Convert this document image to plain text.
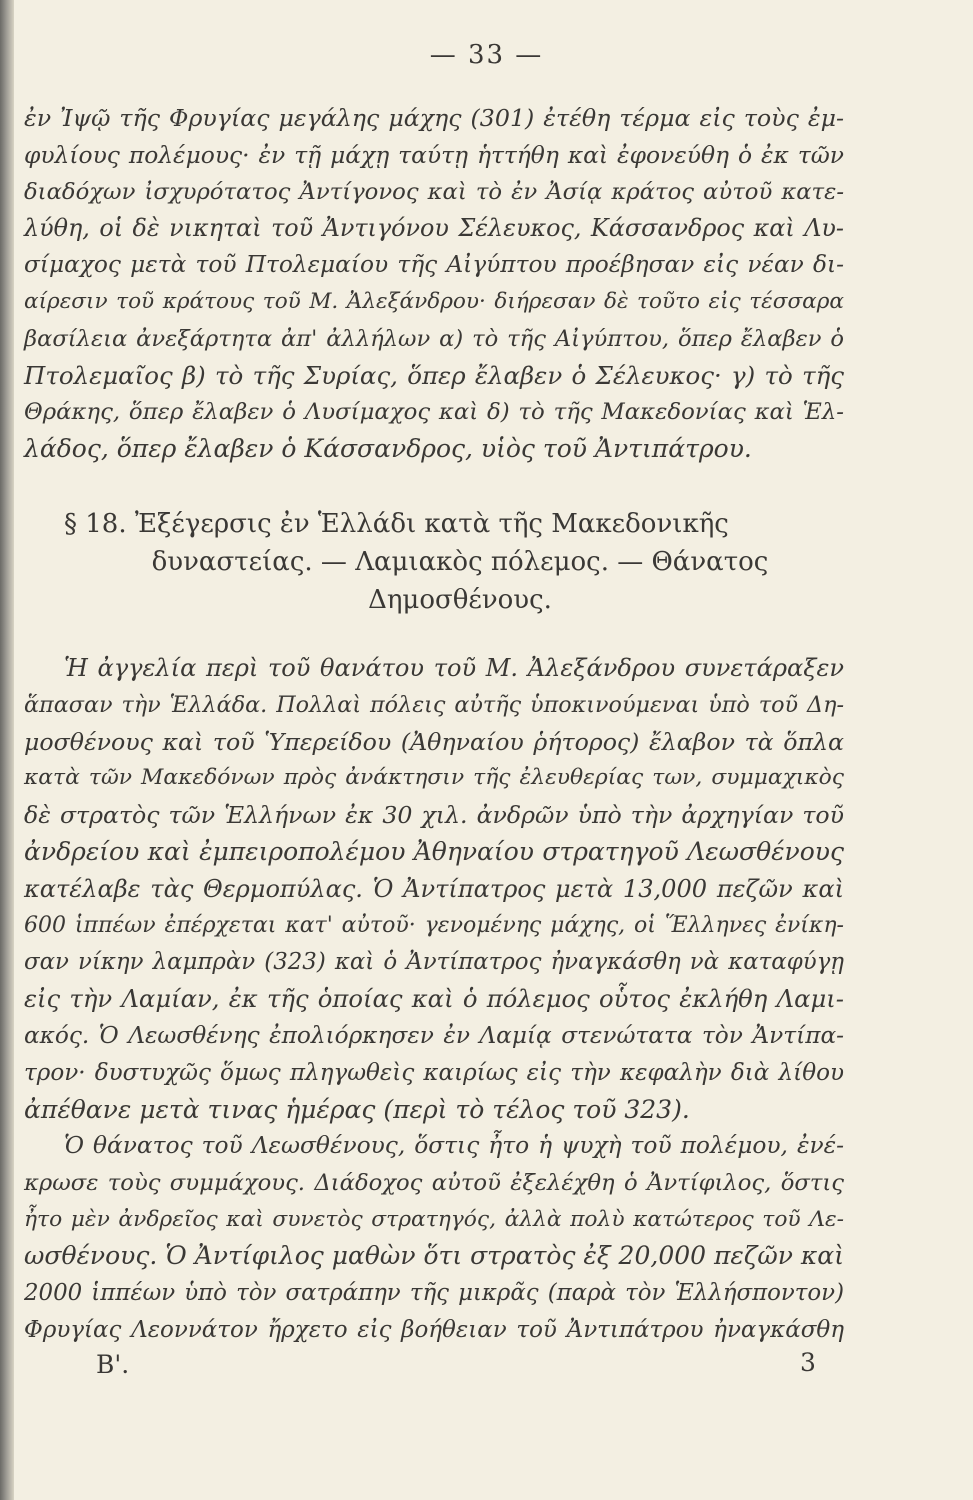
— 33 —
ἐν Ἰψῷ τῆς Φρυγίας μεγάλης μάχης (301) ἐτέθη τέρμα εἰς τοὺς ἐμ-
φυλίους πολέμους· ἐν τῇ μάχῃ ταύτῃ ἡττήθη καὶ ἐφονεύθη ὁ ἐκ τῶν
διαδόχων ἰσχυρότατος Ἀντίγονος καὶ τὸ ἐν Ἀσίᾳ κράτος αὐτοῦ κατε-
λύθη, οἱ δὲ νικηταὶ τοῦ Ἀντιγόνου Σέλευκος, Κάσσανδρος καὶ Λυ-
σίμαχος μετὰ τοῦ Πτολεμαίου τῆς Αἰγύπτου προέβησαν εἰς νέαν δι-
αίρεσιν τοῦ κράτους τοῦ Μ. Ἀλεξάνδρου· διήρεσαν δὲ τοῦτο εἰς τέσσαρα
βασίλεια ἀνεξάρτητα ἀπ' ἀλλήλων α) τὸ τῆς Αἰγύπτου, ὅπερ ἔλαβεν ὁ
Πτολεμαῖος β) τὸ τῆς Συρίας, ὅπερ ἔλαβεν ὁ Σέλευκος· γ) τὸ τῆς
Θράκης, ὅπερ ἔλαβεν ὁ Λυσίμαχος καὶ δ) τὸ τῆς Μακεδονίας καὶ Ἑλ-
λάδος, ὅπερ ἔλαβεν ὁ Κάσσανδρος, υἱὸς τοῦ Ἀντιπάτρου.
§ 18. Ἐξέγερσις ἐν Ἑλλάδι κατὰ τῆς Μακεδονικῆς
δυναστείας. — Λαμιακὸς πόλεμος. — Θάνατος
Δημοσθένους.
Ἡ ἀγγελία περὶ τοῦ θανάτου τοῦ Μ. Ἀλεξάνδρου συνετάραξεν
ἅπασαν τὴν Ἑλλάδα. Πολλαὶ πόλεις αὐτῆς ὑποκινούμεναι ὑπὸ τοῦ Δη-
μοσθένους καὶ τοῦ Ὑπερείδου (Ἀθηναίου ῥήτορος) ἔλαβον τὰ ὅπλα
κατὰ τῶν Μακεδόνων πρὸς ἀνάκτησιν τῆς ἐλευθερίας των, συμμαχικὸς
δὲ στρατὸς τῶν Ἑλλήνων ἐκ 30 χιλ. ἀνδρῶν ὑπὸ τὴν ἀρχηγίαν τοῦ
ἀνδρείου καὶ ἐμπειροπολέμου Ἀθηναίου στρατηγοῦ Λεωσθένους
κατέλαβε τὰς Θερμοπύλας. Ὁ Ἀντίπατρος μετὰ 13,000 πεζῶν καὶ
600 ἱππέων ἐπέρχεται κατ' αὐτοῦ· γενομένης μάχης, οἱ Ἕλληνες ἐνίκη-
σαν νίκην λαμπρὰν (323) καὶ ὁ Ἀντίπατρος ἠναγκάσθη νὰ καταφύγῃ
εἰς τὴν Λαμίαν, ἐκ τῆς ὁποίας καὶ ὁ πόλεμος οὗτος ἐκλήθη Λαμι-
ακός. Ὁ Λεωσθένης ἐπολιόρκησεν ἐν Λαμίᾳ στενώτατα τὸν Ἀντίπα-
τρον· δυστυχῶς ὅμως πληγωθεὶς καιρίως εἰς τὴν κεφαλὴν διὰ λίθου
ἀπέθανε μετὰ τινας ἡμέρας (περὶ τὸ τέλος τοῦ 323).
Ὁ θάνατος τοῦ Λεωσθένους, ὅστις ἦτο ἡ ψυχὴ τοῦ πολέμου, ἐνέ-
κρωσε τοὺς συμμάχους. Διάδοχος αὐτοῦ ἐξελέχθη ὁ Ἀντίφιλος, ὅστις
ἦτο μὲν ἀνδρεῖος καὶ συνετὸς στρατηγός, ἀλλὰ πολὺ κατώτερος τοῦ Λε-
ωσθένους. Ὁ Ἀντίφιλος μαθὼν ὅτι στρατὸς ἐξ 20,000 πεζῶν καὶ
2000 ἱππέων ὑπὸ τὸν σατράπην τῆς μικρᾶς (παρὰ τὸν Ἑλλήσποντον)
Φρυγίας Λεοννάτον ἤρχετο εἰς βοήθειαν τοῦ Ἀντιπάτρου ἠναγκάσθη
Β'.	3
